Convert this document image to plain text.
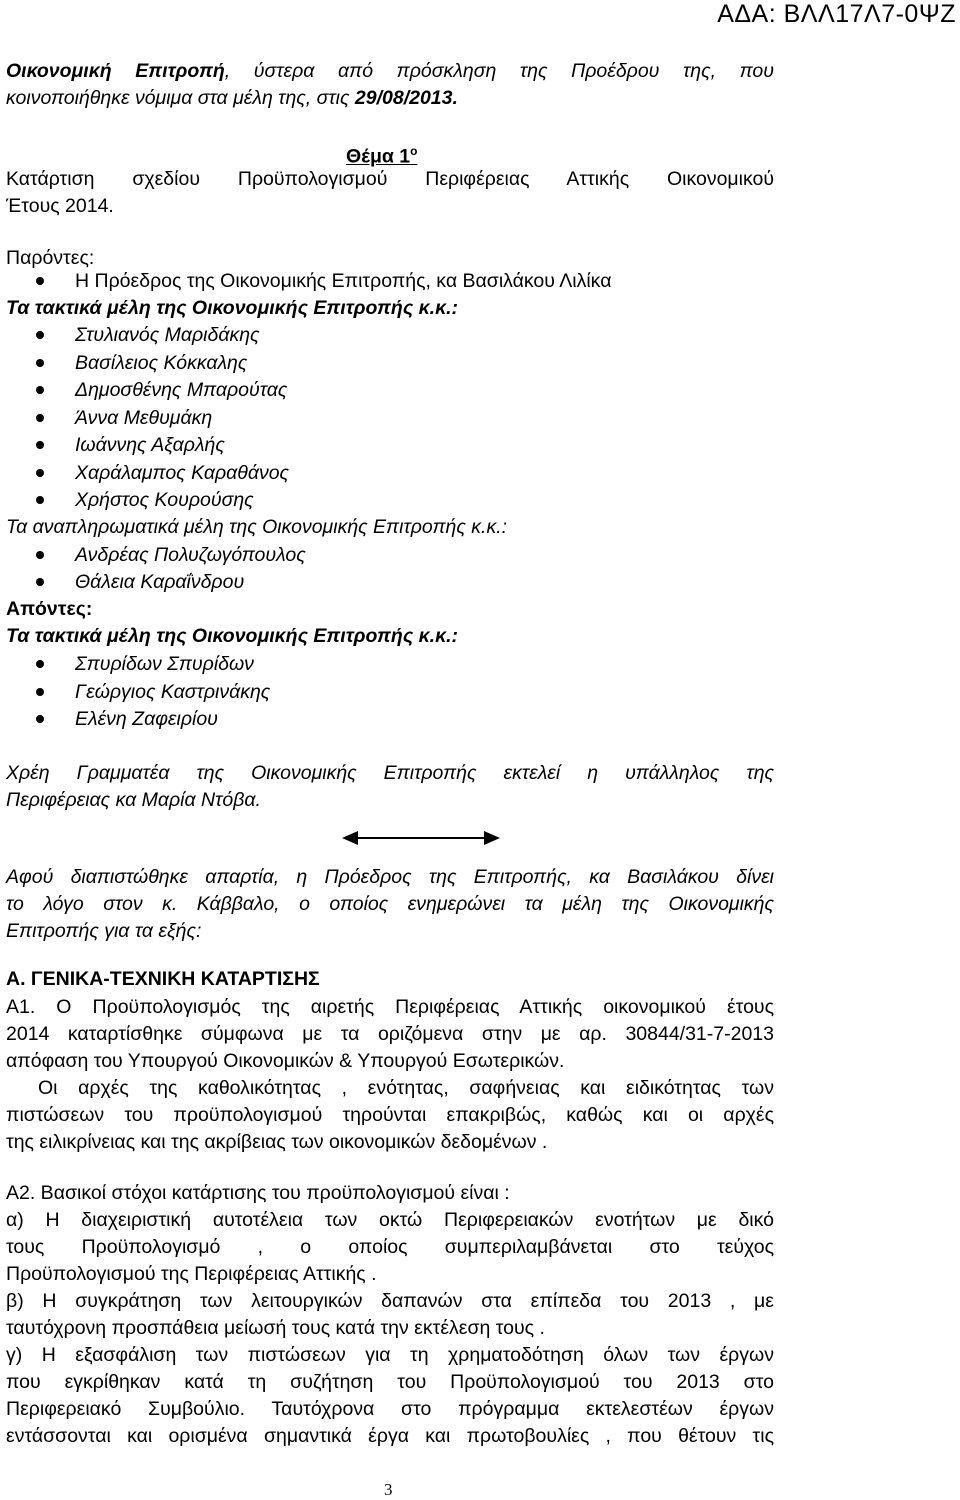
ΑΔΑ: ΒΛΛ17Λ7-0ΨΖ
Οικονομική Επιτροπή, ύστερα από πρόσκληση της Προέδρου της, που
κοινοποιήθηκε νόμιμα στα μέλη της, στις 29/08/2013.
Θέμα $1^o$
Κατάρτιση σχεδίου Προϋπολογισμού Περιφέρειας Αττικής Οικονομικού
Έτους 2014.
Παρόντες:
Η Πρόεδρος της Οικονομικής Επιτροπής, κα Βασιλάκου Λιλίκα
Τα τακτικά μέλη της Οικονομικής Επιτροπής κ.κ.:
Στυλιανός Μαριδάκης
Βασίλειος Κόκκαλης
Δημοσθένης Μπαρούτας
Άννα Μεθυμάκη
Ιωάννης Αξαρλής
Χαράλαμπος Καραθάνος
Χρήστος Κουρούσης
Τα αναπληρωματικά μέλη της Οικονομικής Επιτροπής κ.κ.:
Ανδρέας Πολυζωγόπουλος
Θάλεια Καραΐνδρου
Απόντες:
Τα τακτικά μέλη της Οικονομικής Επιτροπής κ.κ.:
Σπυρίδων Σπυρίδων
Γεώργιος Καστρινάκης
Ελένη Ζαφειρίου
Χρέη Γραμματέα της Οικονομικής Επιτροπής εκτελεί η υπάλληλος της
Περιφέρειας κα Μαρία Ντόβα.
Αφού διαπιστώθηκε απαρτία, η Πρόεδρος της Επιτροπής, κα Βασιλάκου δίνει
το λόγο στον κ. Κάββαλο, ο οποίος ενημερώνει τα μέλη της Οικονομικής
Επιτροπής για τα εξής:
Α. ΓΕΝΙΚΑ-ΤΕΧΝΙΚΗ ΚΑΤΑΡΤΙΣΗΣ
Α1. Ο Προϋπολογισμός της αιρετής Περιφέρειας Αττικής οικονομικού έτους
2014 καταρτίσθηκε σύμφωνα με τα οριζόμενα στην με αρ. 30844/31-7-2013
απόφαση του Υπουργού Οικονομικών & Υπουργού Εσωτερικών.
Οι αρχές της καθολικότητας , ενότητας, σαφήνειας και ειδικότητας των
πιστώσεων του προϋπολογισμού τηρούνται επακριβώς, καθώς και οι αρχές
της ειλικρίνειας και της ακρίβειας των οικονομικών δεδομένων .
Α2. Βασικοί στόχοι κατάρτισης του προϋπολογισμού είναι :
α) Η διαχειριστική αυτοτέλεια των οκτώ Περιφερειακών ενοτήτων με δικό
τους Προϋπολογισμό , ο οποίος συμπεριλαμβάνεται στο τεύχος
Προϋπολογισμού της Περιφέρειας Αττικής .
β) Η συγκράτηση των λειτουργικών δαπανών στα επίπεδα του 2013 , με
ταυτόχρονη προσπάθεια μείωσή τους κατά την εκτέλεση τους .
γ) Η εξασφάλιση των πιστώσεων για τη χρηματοδότηση όλων των έργων
που εγκρίθηκαν κατά τη συζήτηση του Προϋπολογισμού του 2013 στο
Περιφερειακό Συμβούλιο. Ταυτόχρονα στο πρόγραμμα εκτελεστέων έργων
εντάσσονται και ορισμένα σημαντικά έργα και πρωτοβουλίες , που θέτουν τις
3
